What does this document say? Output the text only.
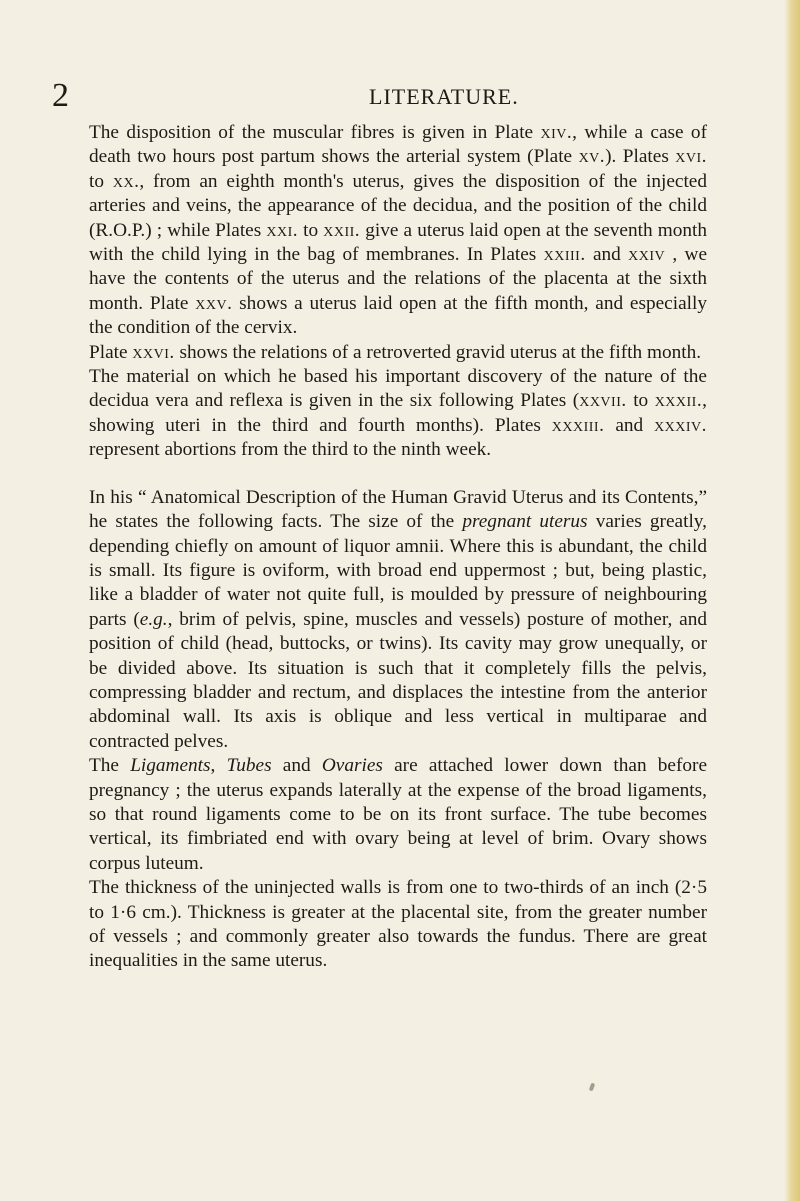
2	LITERATURE.

The disposition of the muscular fibres is given in Plate xiv., while a case of death two hours post partum shows the arterial system (Plate xv.). Plates xvi. to xx., from an eighth month's uterus, gives the disposition of the injected arteries and veins, the appearance of the decidua, and the position of the child (R.O.P.) ; while Plates xxi. to xxii. give a uterus laid open at the seventh month with the child lying in the bag of membranes. In Plates xxiii. and xxiv , we have the contents of the uterus and the relations of the placenta at the sixth month. Plate xxv. shows a uterus laid open at the fifth month, and especially the condition of the cervix.

Plate xxvi. shows the relations of a retroverted gravid uterus at the fifth month.

The material on which he based his important discovery of the nature of the decidua vera and reflexa is given in the six following Plates (xxvii. to xxxii., showing uteri in the third and fourth months). Plates xxxiii. and xxxiv. represent abortions from the third to the ninth week.

In his “ Anatomical Description of the Human Gravid Uterus and its Contents,” he states the following facts. The size of the pregnant uterus varies greatly, depending chiefly on amount of liquor amnii. Where this is abundant, the child is small. Its figure is oviform, with broad end uppermost ; but, being plastic, like a bladder of water not quite full, is moulded by pressure of neighbouring parts (e.g., brim of pelvis, spine, muscles and vessels) posture of mother, and position of child (head, buttocks, or twins). Its cavity may grow unequally, or be divided above. Its situation is such that it completely fills the pelvis, compressing bladder and rectum, and displaces the intestine from the anterior abdominal wall. Its axis is oblique and less vertical in multiparae and contracted pelves.

The Ligaments, Tubes and Ovaries are attached lower down than before pregnancy ; the uterus expands laterally at the expense of the broad ligaments, so that round ligaments come to be on its front surface. The tube becomes vertical, its fimbriated end with ovary being at level of brim. Ovary shows corpus luteum.

The thickness of the uninjected walls is from one to two-thirds of an inch (2·5 to 1·6 cm.). Thickness is greater at the placental site, from the greater number of vessels ; and commonly greater also towards the fundus. There are great inequalities in the same uterus.
